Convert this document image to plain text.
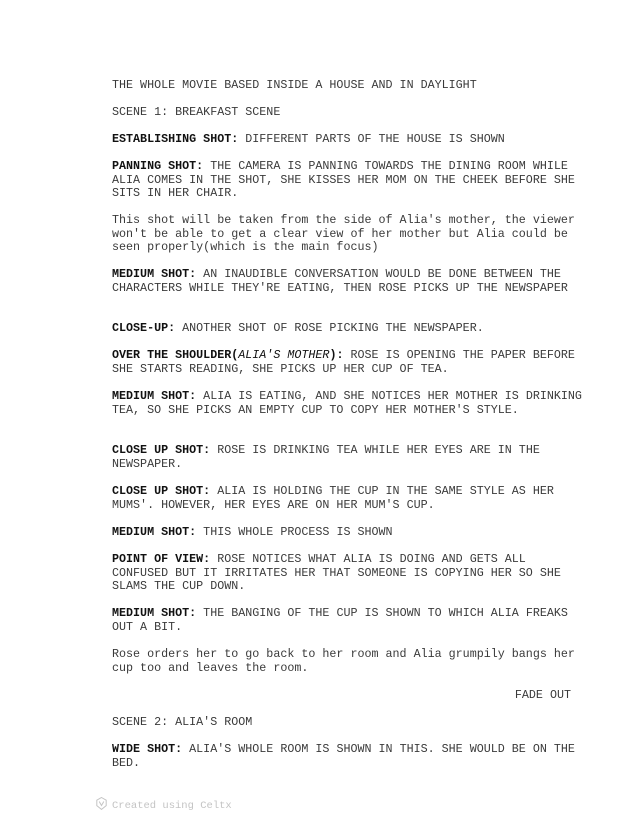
THE WHOLE MOVIE BASED INSIDE A HOUSE AND IN DAYLIGHT

SCENE 1: BREAKFAST SCENE

ESTABLISHING SHOT: DIFFERENT PARTS OF THE HOUSE IS SHOWN

PANNING SHOT: THE CAMERA IS PANNING TOWARDS THE DINING ROOM WHILE ALIA COMES IN THE SHOT, SHE KISSES HER MOM ON THE CHEEK BEFORE SHE SITS IN HER CHAIR.

This shot will be taken from the side of Alia's mother, the viewer won't be able to get a clear view of her mother but Alia could be seen properly(which is the main focus)

MEDIUM SHOT: AN INAUDIBLE CONVERSATION WOULD BE DONE BETWEEN THE CHARACTERS WHILE THEY'RE EATING, THEN ROSE PICKS UP THE NEWSPAPER

CLOSE-UP: ANOTHER SHOT OF ROSE PICKING THE NEWSPAPER.

OVER THE SHOULDER(ALIA'S MOTHER): ROSE IS OPENING THE PAPER BEFORE SHE STARTS READING, SHE PICKS UP HER CUP OF TEA.

MEDIUM SHOT: ALIA IS EATING, AND SHE NOTICES HER MOTHER IS DRINKING TEA, SO SHE PICKS AN EMPTY CUP TO COPY HER MOTHER'S STYLE.

CLOSE UP SHOT: ROSE IS DRINKING TEA WHILE HER EYES ARE IN THE NEWSPAPER.

CLOSE UP SHOT: ALIA IS HOLDING THE CUP IN THE SAME STYLE AS HER MUMS'. HOWEVER, HER EYES ARE ON HER MUM'S CUP.

MEDIUM SHOT: THIS WHOLE PROCESS IS SHOWN

POINT OF VIEW: ROSE NOTICES WHAT ALIA IS DOING AND GETS ALL CONFUSED BUT IT IRRITATES HER THAT SOMEONE IS COPYING HER SO SHE SLAMS THE CUP DOWN.

MEDIUM SHOT: THE BANGING OF THE CUP IS SHOWN TO WHICH ALIA FREAKS OUT A BIT.

Rose orders her to go back to her room and Alia grumpily bangs her cup too and leaves the room.

FADE OUT

SCENE 2: ALIA'S ROOM

WIDE SHOT: ALIA'S WHOLE ROOM IS SHOWN IN THIS. SHE WOULD BE ON THE BED.

Created using Celtx
